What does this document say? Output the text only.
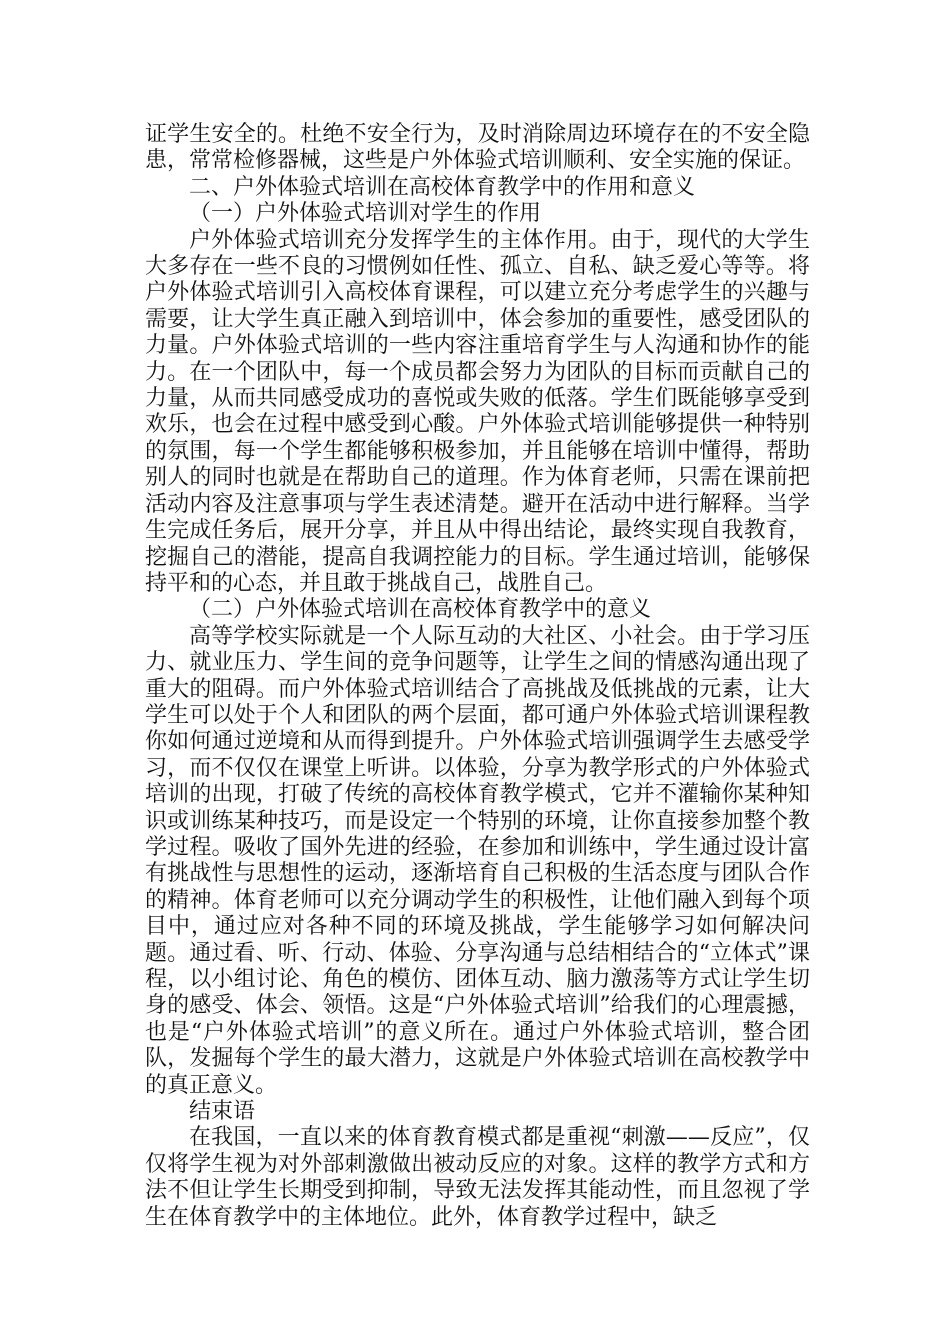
证学生安全的。杜绝不安全行为，及时消除周边环境存在的不安全隐患，常常检修器械，这些是户外体验式培训顺利、安全实施的保证。

二、户外体验式培训在高校体育教学中的作用和意义

（一）户外体验式培训对学生的作用

户外体验式培训充分发挥学生的主体作用。由于，现代的大学生大多存在一些不良的习惯例如任性、孤立、自私、缺乏爱心等等。将户外体验式培训引入高校体育课程，可以建立充分考虑学生的兴趣与需要，让大学生真正融入到培训中，体会参加的重要性，感受团队的力量。户外体验式培训的一些内容注重培育学生与人沟通和协作的能力。在一个团队中，每一个成员都会努力为团队的目标而贡献自己的力量，从而共同感受成功的喜悦或失败的低落。学生们既能够享受到欢乐，也会在过程中感受到心酸。户外体验式培训能够提供一种特别的氛围，每一个学生都能够积极参加，并且能够在培训中懂得，帮助别人的同时也就是在帮助自己的道理。作为体育老师，只需在课前把活动内容及注意事项与学生表述清楚。避开在活动中进行解释。当学生完成任务后，展开分享，并且从中得出结论，最终实现自我教育，挖掘自己的潜能，提高自我调控能力的目标。学生通过培训，能够保持平和的心态，并且敢于挑战自己，战胜自己。

（二）户外体验式培训在高校体育教学中的意义

高等学校实际就是一个人际互动的大社区、小社会。由于学习压力、就业压力、学生间的竞争问题等，让学生之间的情感沟通出现了重大的阻碍。而户外体验式培训结合了高挑战及低挑战的元素，让大学生可以处于个人和团队的两个层面，都可通户外体验式培训课程教你如何通过逆境和从而得到提升。户外体验式培训强调学生去感受学习，而不仅仅在课堂上听讲。以体验，分享为教学形式的户外体验式培训的出现，打破了传统的高校体育教学模式，它并不灌输你某种知识或训练某种技巧，而是设定一个特别的环境，让你直接参加整个教学过程。吸收了国外先进的经验，在参加和训练中，学生通过设计富有挑战性与思想性的运动，逐渐培育自己积极的生活态度与团队合作的精神。体育老师可以充分调动学生的积极性，让他们融入到每个项目中，通过应对各种不同的环境及挑战，学生能够学习如何解决问题。通过看、听、行动、体验、分享沟通与总结相结合的“立体式”课程，以小组讨论、角色的模仿、团体互动、脑力激荡等方式让学生切身的感受、体会、领悟。这是“户外体验式培训”给我们的心理震撼，也是“户外体验式培训”的意义所在。通过户外体验式培训，整合团队，发掘每个学生的最大潜力，这就是户外体验式培训在高校教学中的真正意义。

结束语

在我国，一直以来的体育教育模式都是重视“刺激——反应”，仅仅将学生视为对外部刺激做出被动反应的对象。这样的教学方式和方法不但让学生长期受到抑制，导致无法发挥其能动性，而且忽视了学生在体育教学中的主体地位。此外，体育教学过程中，缺乏
